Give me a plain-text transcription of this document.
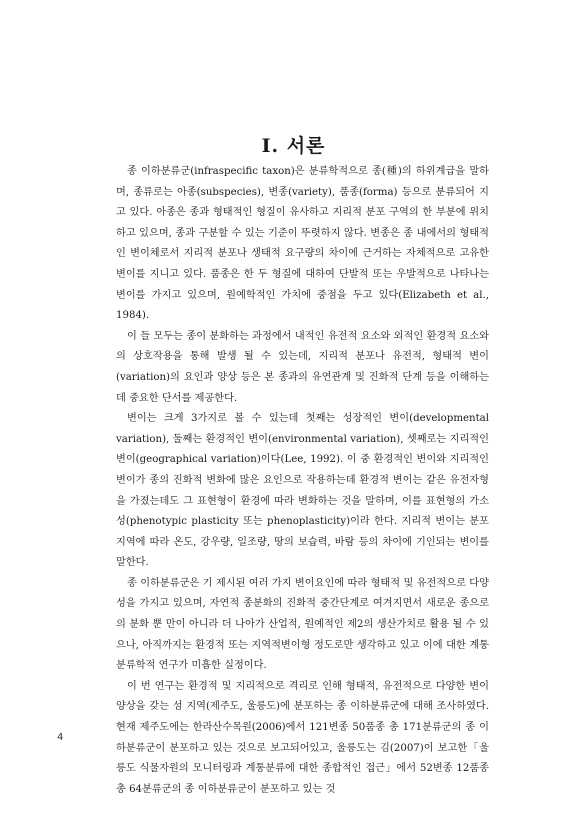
I. 서론

종 이하분류군(infraspecific taxon)은 분류학적으로 종(種)의 하위계급을 말하며, 종류로는 아종(subspecies), 변종(variety), 품종(forma) 등으로 분류되어 지고 있다. 아종은 종과 형태적인 형질이 유사하고 지리적 분포 구역의 한 부분에 위치하고 있으며, 종과 구분할 수 있는 기준이 뚜렷하지 않다. 변종은 종 내에서의 형태적인 변이체로서 지리적 분포나 생태적 요구량의 차이에 근거하는 자체적으로 고유한 변이를 지니고 있다. 품종은 한 두 형질에 대하여 단발적 또는 우발적으로 나타나는 변이를 가지고 있으며, 원예학적인 가치에 중점을 두고 있다(Elizabeth et al., 1984).

이 들 모두는 종이 분화하는 과정에서 내적인 유전적 요소와 외적인 환경적 요소와의 상호작용을 통해 발생 될 수 있는데, 지리적 분포나 유전적, 형태적 변이(variation)의 요인과 양상 등은 본 종과의 유연관계 및 진화적 단계 등을 이해하는데 중요한 단서를 제공한다.

변이는 크게 3가지로 볼 수 있는데 첫째는 성장적인 변이(developmental variation), 둘째는 환경적인 변이(environmental variation), 셋째로는 지리적인 변이(geographical variation)이다(Lee, 1992). 이 중 환경적인 변이와 지리적인 변이가 종의 진화적 변화에 많은 요인으로 작용하는데 환경적 변이는 같은 유전자형을 가졌는데도 그 표현형이 환경에 따라 변화하는 것을 말하며, 이를 표현형의 가소성(phenotypic plasticity 또는 phenoplasticity)이라 한다. 지리적 변이는 분포 지역에 따라 온도, 강우량, 일조량, 땅의 보습력, 바람 등의 차이에 기인되는 변이를 말한다.

종 이하분류군은 기 제시된 여러 가지 변이요인에 따라 형태적 및 유전적으로 다양성을 가지고 있으며, 자연적 종분화의 진화적 중간단계로 여겨지면서 새로운 종으로의 분화 뿐 만이 아니라 더 나아가 산업적, 원예적인 제2의 생산가치로 활용 될 수 있으나, 아직까지는 환경적 또는 지역적변이형 정도로만 생각하고 있고 이에 대한 계통분류학적 연구가 미흡한 실정이다.

이 번 연구는 환경적 및 지리적으로 격리로 인해 형태적, 유전적으로 다양한 변이양상을 갖는 섬 지역(제주도, 울릉도)에 분포하는 종 이하분류군에 대해 조사하였다. 현재 제주도에는 한라산수목원(2006)에서 121변종 50품종 총 171분류군의 종 이하분류군이 분포하고 있는 것으로 보고되어있고, 울릉도는 김(2007)이 보고한「울릉도 식물자원의 모니터링과 계통분류에 대한 종합적인 접근」에서 52변종 12품종 총 64분류군의 종 이하분류군이 분포하고 있는 것

4
